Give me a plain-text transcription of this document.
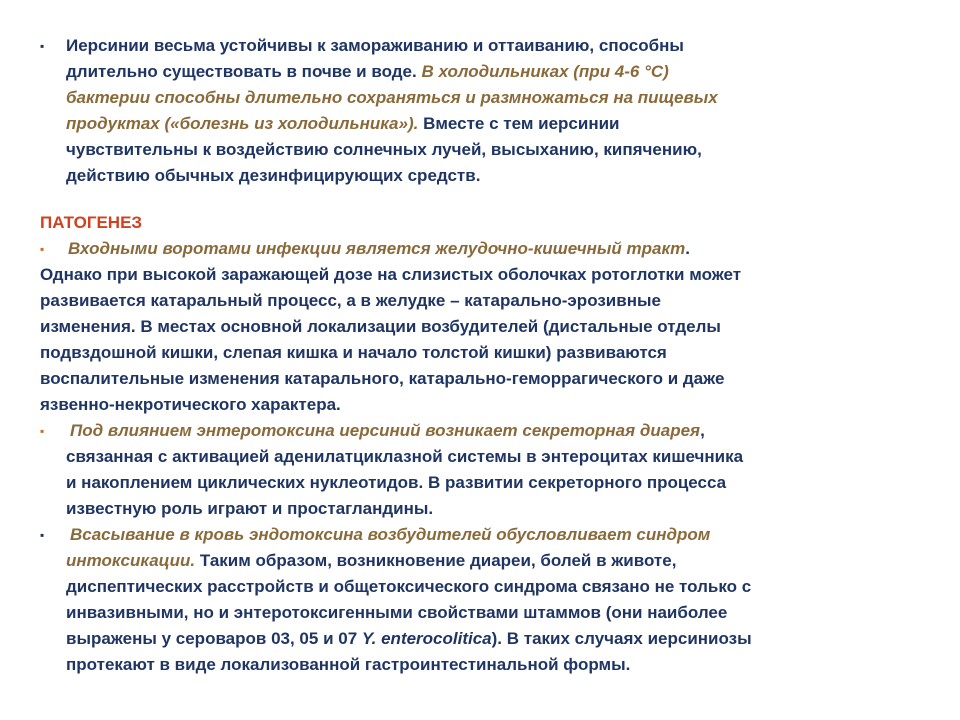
▪ Иерсинии весьма устойчивы к замораживанию и оттаиванию, способны
длительно существовать в почве и воде. В холодильниках (при 4-6 °С)
бактерии способны длительно сохраняться и размножаться на пищевых
продуктах («болезнь из холодильника»). Вместе с тем иерсинии
чувствительны к воздействию солнечных лучей, высыханию, кипячению,
действию обычных дезинфицирующих средств.
ПАТОГЕНЕЗ
▪	Входными воротами инфекции является желудочно-кишечный тракт.
Однако при высокой заражающей дозе на слизистых оболочках ротоглотки может
развивается катаральный процесс, а в желудке – катарально-эрозивные
изменения. В местах основной локализации возбудителей (дистальные отделы
подвздошной кишки, слепая кишка и начало толстой кишки) развиваются
воспалительные изменения катарального, катарально-геморрагического и даже
язвенно-некротического характера.
▪ Под влиянием энтеротоксина иерсиний возникает секреторная диарея,
связанная с активацией аденилатциклазной системы в энтероцитах кишечника
и накоплением циклических нуклеотидов. В развитии секреторного процесса
известную роль играют и простагландины.
▪ Всасывание в кровь эндотоксина возбудителей обусловливает синдром
интоксикации. Таким образом, возникновение диареи, болей в животе,
диспептических расстройств и общетоксического синдрома связано не только с
инвазивными, но и энтеротоксигенными свойствами штаммов (они наиболее
выражены у сероваров 03, 05 и 07 Y. enterocolitica). В таких случаях иерсиниозы
протекают в виде локализованной гастроинтестинальной формы.
